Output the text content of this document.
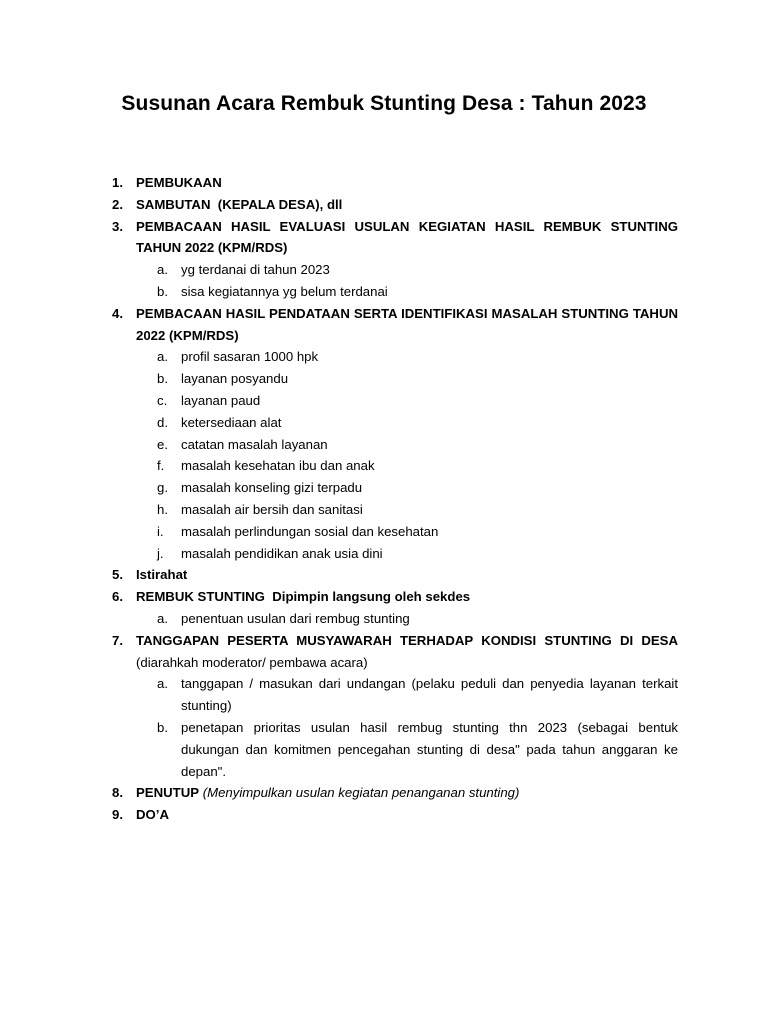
Susunan Acara Rembuk Stunting Desa : Tahun 2023
1. PEMBUKAAN
2. SAMBUTAN  (KEPALA DESA), dll
3. PEMBACAAN HASIL EVALUASI USULAN KEGIATAN HASIL REMBUK STUNTING TAHUN 2022 (KPM/RDS)
a. yg terdanai di tahun 2023
b. sisa kegiatannya yg belum terdanai
4. PEMBACAAN HASIL PENDATAAN SERTA IDENTIFIKASI MASALAH STUNTING TAHUN 2022 (KPM/RDS)
a. profil sasaran 1000 hpk
b. layanan posyandu
c. layanan paud
d. ketersediaan alat
e. catatan masalah layanan
f. masalah kesehatan ibu dan anak
g. masalah konseling gizi terpadu
h. masalah air bersih dan sanitasi
i. masalah perlindungan sosial dan kesehatan
j. masalah pendidikan anak usia dini
5. Istirahat
6. REMBUK STUNTING  Dipimpin langsung oleh sekdes
a. penentuan usulan dari rembug stunting
7. TANGGAPAN PESERTA MUSYAWARAH TERHADAP KONDISI STUNTING DI DESA (diarahkah moderator/ pembawa acara)
a. tanggapan / masukan dari undangan (pelaku peduli dan penyedia layanan terkait stunting)
b. penetapan prioritas usulan hasil rembug stunting thn 2023 (sebagai bentuk dukungan dan komitmen pencegahan stunting di desa" pada tahun anggaran ke depan".
8. PENUTUP (Menyimpulkan usulan kegiatan penanganan stunting)
9. DO’A
